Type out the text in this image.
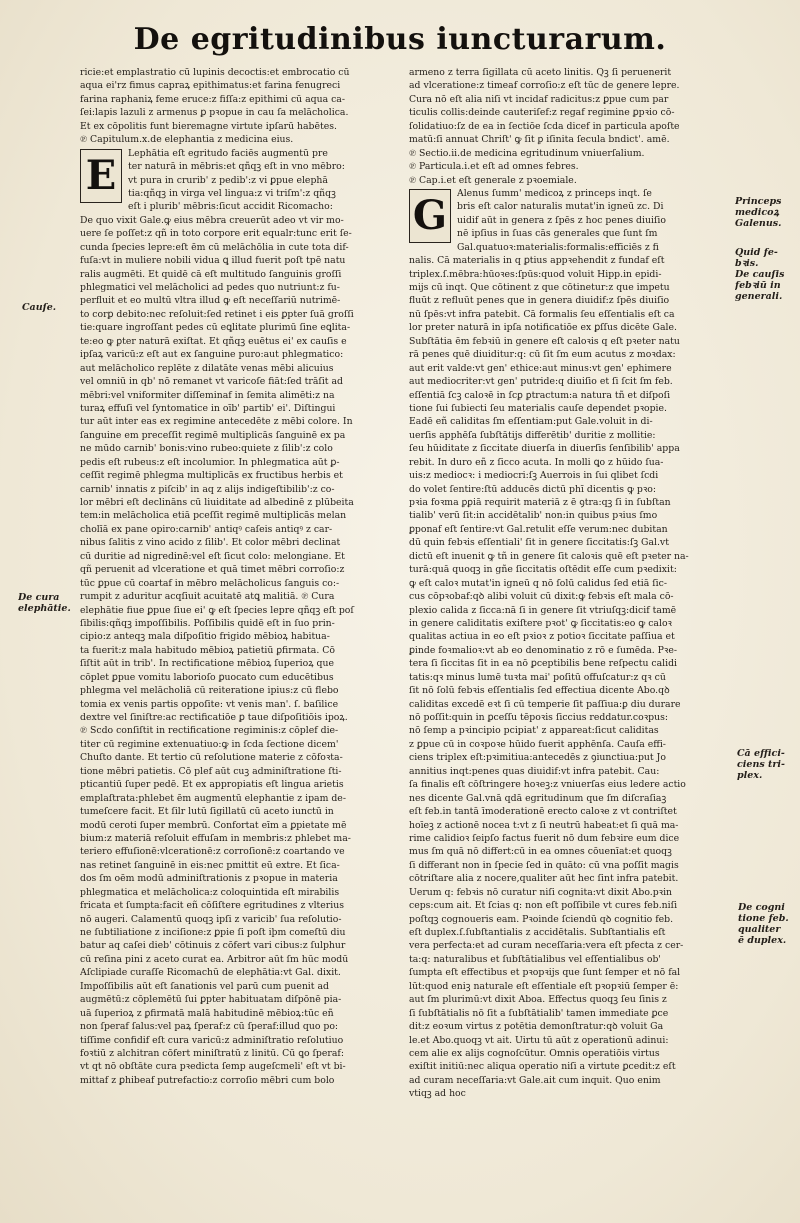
De egritudinibus iuncturarum.
ricie:et emplastratio cū lupinis decoctis:et embrocatio cū
aqua ei'rz fimus capraꝝ epithimatus:et farina fenugreci
farina raphaniꝝ feme eruce:z fiſſa:z epithimi cū aqua ca-
ſei:lapis lazuli z armenus ꝑ pꝛopue in cau ſa melācholica.
Et ex cōpolitis funt bieremagne virtute ipſarū habētes.
℗ Capitulum.x.de elephantia z medicina eius.
E	Lephātia eſt egritudo faciēs augmentū pre
ter naturā in mēbris:et qñqꝫ eſt in vno mēbro:
vt pura in crurib' z pedib':z vi ꝑpue elephā
tia:qñqꝫ in virga vel lingua:z vi triſm':z qñqꝫ
eſt i plurib' mēbris:ſicut accidit Ricomacho:
De quo vixit Gale.ꝙ eius mēbra creuerūt adeo vt vir mo-
uere ſe poſſet:z qñ in toto corpore erit equalr:tunc erit ſe-
cunda ſpecies lepre:eſt ēm cū melāchōlia in cute tota dif-
fuſa:vt in muliere nobili vidua ꝗ illud fuerit poſt tpē natu
ralis augmēti. Et quidē cā eſt multitudo ſanguinis groſſi
phlegmatici vel melācholici ad pedes quo nutriunt:z fu-
perfluit et eo multū vltra illud ꝙ eſt neceſſariū nutrimē-
to corꝑ debito:nec reſoluit:ſed retinet i eis ꝑpter ſuā groſſi
tie:quare ingroſſant pedes cū eꝗlitate plurimū ſine eꝗlita-
te:eo ꝙ ꝑter naturā exiſtat. Et qñqꝫ euētus ei' ex cauſis e
ipſaꝝ varicū:z eſt aut ex ſanguine puro:aut phlegmatico:
aut melācholico replēte z dilatāte venas mēbi alicuius
vel omniū in qb' nō remanet vt varicoſe fiāt:ſed trāſit ad
mēbri:vel vniformiter diſſeminaf in ſemita alimēti:z na
turaꝝ effuſi vel ſyntomatice in oīb' partib' ei'. Diſtingui
tur aūt inter eas ex regimine antecedēte z mēbi colore. In
ſanguine em preceſſit regimē multiplicās ſanguinē ex pa
ne mūdo carnib' bonis:vino rubeo:quiete z ſilib':z colo
pedis eſt rubeus:z eſt incolumior. In phlegmatica aūt ꝑ-
ceſſit regimē phlegma multiplicās ex fructibus herbis et
carnib' innatis z piſcib' in aq z alijs indigeſtibilib':z co-
lor mēbri eſt declināns cū liuiditate ad albedinē z plūbeita
tem:in melācholica etiā pceſſit regimē multiplicās melan
cholīā ex pane opiro:carnib' antiqꝰ caſeis antiqꝰ z car-
nibus ſalitis z vino acido z ſilib'. Et color mēbri declinat
cū duritie ad nigredinē:vel eſt ſicut colo: melongiane. Et
qñ peruenit ad vlceratione et quā timet mēbri corroſio:z
tūc ꝑpue cū coartaf in mēbro melācholicus ſanguis co:-
rumpit z aduritur acqſiuit acuitatē atꝗ malitiā. ℗ Cura
elephātie fiue ꝑpue ſiue ei' ꝙ eſt ſpecies lepre qñqꝫ eſt poſ
ſibilis:qñqꝫ impoſſibilis. Poſſibilis quidē eſt in ſuo prin-
cipio:z anteqꝫ mala diſpoſitio frigido mēbioꝝ habitua-
ta fuerit:z mala habitudo mēbioꝝ patietiū ꝑfirmata. Cō
ſiſtit aūt in trib'. In rectificatione mēbioꝝ ſuperioꝝ que
cōplet ꝑpue vomitu laborioſo ꝑuocato cum educētibus
phlegma vel melācholiā cū reiteratione ipius:z cū flebo
tomia ex venis partis oppoſite: vt venis man'. ſ. baſilice
dextre vel ſiniſtre:ac rectificatiōe ꝑ taue diſpoſitiōis ipoꝝ.
℗ Scdo conſiſtit in rectificatione regiminis:z cōplef die-
titer cū regimine extenuatiuo:ꝙ in ſcda ſectione dicem'
Chuſto dante. Et tertio cū reſolutione materie z cōfoꝛta-
tione mēbri patietis. Cō plef aūt cuꝫ adminiſtratione ſti-
pticantiū ſuper pedē. Et ex appropiatis eſt lingua arietis
emplaſtrata:phlebet ēm augmentū elephantie z ipam de-
tumeſcere facit. Et ſilr lutū ſigillatū cū aceto iunctū in
modū ceroti ſuper membrū. Confortat eīm a ꝑpietate mē
bium:z materiā reſoluit effuſam in membris:z phlebet ma-
teriero effuſionē:vlcerationē:z corroſionē:z coartando ve
nas retinet ſanguinē in eis:nec pmittit eū extre. Et ſica-
dos ſm oēm modū adminiſtrationis z pꝛopue in materia
phlegmatica et melācholica:z coloquintida eſt mirabilis
fricata et ſumpta:facit eñ cōſiſtere egritudines z vlterius
nō augeri. Calamentū quoqꝫ ipſi z varicib' ſua reſolutio-
ne ſubtiliatione z inciſione:z ꝑpie ſi poſt iþm comeſtū diu
batur aq caſei dieb' cōtinuis z cōfert vari cibus:z ſulphur
cū reſina pini z aceto curat ea. Arbitror aūt ſm hūc modū
Aſclipiade curaſſe Ricomachū de elephātia:vt Gal. dixit.
Impoſſibilis aūt eſt ſanationis vel parū cum puenit ad
augmētū:z cōplemētū ſui ꝑpter habituatam diſpōnē pia-
uā ſuperioꝝ z ꝑfirmatā malā habitudinē mēbioꝝ:tūc eñ
non ſperaf ſalus:vel paꝝ ſperaf:z cū ſperaf:illud quo po:
tiſſime confidif eſt cura varicū:z adminiſtratio reſolutiuo
foꝛtiū z alchitran cōfert miniſtratū z linitū. Cū ꝗo ſperaf:
vt qt nō obſtāte cura pꝛedicta ſemp augeſcmeli' eſt vt bi-
mittaf z ꝑhibeaf putrefactio:z corroſio mēbri cum bolo
armeno z terra ſigillata cū aceto linitis. Qꝫ ſi peruenerit
ad vlceratione:z timeaf corroſio:z eſt tūc de genere lepre.
Cura nō eſt alia niſi vt incidaf radicitus:z ꝑpue cum par
ticulis collis:deinde cauteriſef:z regaf regimine ꝑpꝛio cō-
ſolidatiuo:ſz de ea in ſectiōe ſcda dicef in particula apoſte
matū:ſi annuat Chriſt' ꝙ ſit ꝑ iſinita ſecula bndict'. amē.
℗ Sectio.ii.de medicina egritudinum vniuerſalium.
℗ Particula.i.et eſt ad omnes febres.
℗ Cap.i.et eſt generale z pꝛoemiale.
G	Alenus ſumm' medicoꝝ z princeps inqt. ſe
bris eſt calor naturalis mutat'in igneū zc. Di
uidif aūt in genera z ſpēs z hoc penes diuiſio
nē ipſius in ſuas cās generales que ſunt ſm
Gal.quatuoꝛ:materialis:formalis:efficiēs z fi
nalis. Cā materialis in q ꝑtius appꝛehendit z fundaf eſt
triplex.ſ.mēbra:hūoꝛes:ſpūs:quod voluit Hipp.in epidi-
mijs cū inqt. Que cōtinent z que cōtinetur:z que impetu
fluūt z refluūt penes que in genera diuidif:z ſpēs diuiſio
nū ſpēs:vt infra patebit. Cā formalis ſeu eſſentialis eſt ca
lor preter naturā in ipſa notificatiōe ex ꝑſſus dicēte Gale.
Subſtātia ēm febꝛiū in genere eſt caloꝛis q eſt pꝛeter natu
rā penes quē diuiditur:q: cū ſit ſm eum acutus z moꝛdax:
aut erit valde:vt gen' ethice:aut minus:vt gen' ephimere
aut mediocriter:vt gen' putride:q diuiſio et ſi ſcit ſm feb.
eſſentiā ſcꝫ caloꝛē in ſcꝑ ꝑtractum:a natura tñ et diſpoſi
tione ſui ſubiecti ſeu materialis cauſe dependet pꝛopie.
Eadē eñ caliditas ſm eſſentiam:put Gale.voluit in di-
uerſis apphēſa ſubſtātijs differētib' duritie z mollitie:
ſeu hūiditate z ſiccitate diuerſa in diuerſis ſenſibilib' appa
rebit. In duro eñ z ſicco acuta. In molli ꝗo z hūido ſua-
uis:z mediocꝛ: i mediocri:ſꝫ Auerrois in ſui qlibet ſcdi
do volet ſentire:ſtū adducēs dictū phī dicentis ꝙ pꝛo:
pꝛia foꝛma ꝑꝑiā requirit materiā z ē ꝯtra:qꝫ ſi in ſubſtan
tialib' verū ſit:in accidētalib' non:in quibus pꝛius ſmo
ꝑponaf eſt ſentire:vt Gal.retulit eſſe verum:nec dubitan
dū quin febꝛis eſſentiali' ſit in genere ſiccitatis:ſꝫ Gal.vt
dictū eſt inuenit ꝙ tñ in genere ſit caloꝛis quē eſt pꝛeter na-
turā:quā quoqꝫ in gñe ſiccitatis oſtēdit eſſe cum pꝛedixit:
ꝙ eſt caloꝛ mutat'in igneū q nō ſolū calidus ſed etiā ſic-
cus cōpꝛobaf:qꝺ alibi voluit cū dixit:ꝙ febꝛis eſt mala cō-
plexio calida z ſicca:nā ſi in genere ſit vtriuſqꝫ:dicif tamē
in genere caliditatis exiſtere pꝛot' ꝙ ſiccitatis:eo ꝙ caloꝛ
qualitas actiua in eo eſt pꝛioꝛ z potioꝛ ſiccitate paſſiua et
ꝑinde foꝛmalioꝛ:vt ab eo denominatio z rō e ſumēda. Pꝛe-
tera ſi ſiccitas ſit in ea nō ꝑceptibilis bene reſpectu calidi
tatis:qꝛ minus lumē tuꝛta mai' poſitū offuſcatur:z qꝛ cū
ſit nō ſolū febꝛis eſſentialis ſed effectiua dicente Abo.qꝺ
caliditas excedē eꝛt ſi cū temperie ſit paſſiua:ꝑ diu durare
nō poſſit:quin in ꝑceſſu tēpoꝛis ſiccius reddatur.coꝛpus:
nō ſemp a pꝛincipio pcipiat' z appareat:ſicut caliditas
z ꝑpue cū in coꝛpoꝛe hūido fuerit apphēnſa. Cauſa effi-
ciens triplex eſt:pꝛimitiua:antecedēs z ꝯiunctiua:put Jo
annitius inqt:penes quas diuidif:vt infra patebit. Cau:
ſa finalis eſt cōſtringere hoꝛeꝫ:z vniuerſas eius ledere actio
nes dicente Gal.vnā qdā egritudinum que ſm diſcraſiaꝫ
eſt feb.in tantā īmoderationē erecto caloꝛe z vt contriſtet
hoīeꝫ z actionē nocea t:vt z ſi neutrū habeat:et ſi quā ma-
rime calidioꝛ ſeipſo factus fuerit nō dum febꝛire eum dice
mus ſm quā nō differt:cū in ea omnes cōuenīat:et quoqꝫ
ſi differant non in ſpecie ſed in quāto: cū vna poſſit magis
cōtriſtare alia z nocere,qualiter aūt hec ſint infra patebit.
Uerum q: febꝛis nō curatur niſi cognita:vt dixit Abo.pꝛin
ceps:cum ait. Et ſcias q: non eſt poſſibile vt cures feb.niſi
poſtqꝫ cognoueris eam. Pꝛoinde ſciendū qꝺ cognitio feb.
eſt duplex.ſ.ſubſtantialis z accidētalis. Subſtantialis eſt
vera perfecta:et ad curam neceſſaria:vera eſt pfecta z cer-
ta:q: naturalibus et ſubſtātialibus vel eſſentialibus ob'
ſumpta eſt effectibus et pꝛopꝛijs que ſunt ſemper et nō fal
lūt:quod eniꝫ naturale eſt eſſentiale eſt pꝛopꝛiū ſemper ē:
aut ſm plurimū:vt dixit Aboa. Effectus quoqꝫ ſeu ſinis z
ſi ſubſtātialis nō ſit a ſubſtātialib' tamen immediate ꝑce
dit:z eoꝛum virtus z potētia demonſtratur:qꝺ voluit Ga
le.et Abo.quoqꝫ vt ait. Uirtu tū aūt z operationū adinui:
cem alie ex alijs cognoſcūtur. Omnis operatiōis virtus
exiſtit initiū:nec aliqua operatio niſi a virtute ꝑcedit:z eſt
ad curam neceſſaria:vt Gale.ait cum inquit. Quo enim
vtiqꝫ ad hoc
Cauſe.
De cura
elephātie.
Princeps
medicoꝝ
Galenus.
Quid fe-
bꝛis.
De cauſis
febꝛiū in
generali.
Cā effici-
ciens tri-
plex.
De cogni
tione feb.
qualiter
ē duplex.
